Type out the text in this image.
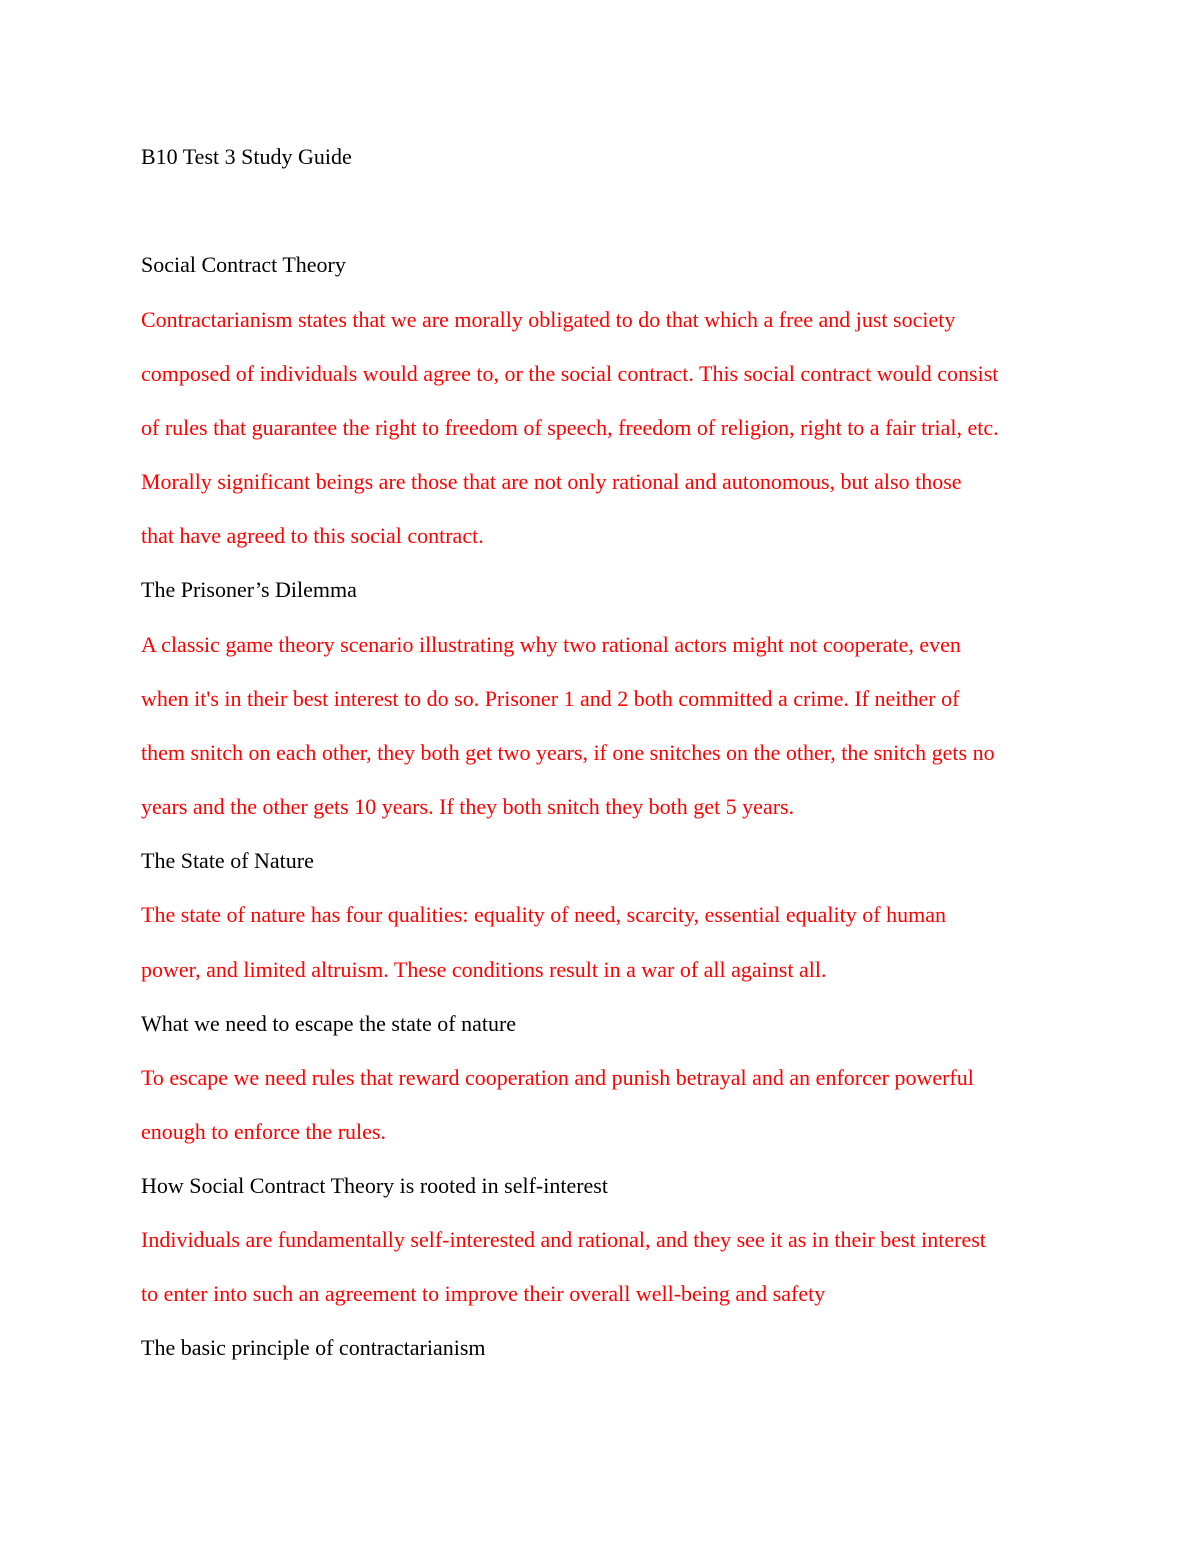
B10 Test 3 Study Guide
Social Contract Theory
Contractarianism states that we are morally obligated to do that which a free and just society
composed of individuals would agree to, or the social contract. This social contract would consist
of rules that guarantee the right to freedom of speech, freedom of religion, right to a fair trial, etc.
Morally significant beings are those that are not only rational and autonomous, but also those
that have agreed to this social contract.
The Prisoner’s Dilemma
A classic game theory scenario illustrating why two rational actors might not cooperate, even
when it's in their best interest to do so. Prisoner 1 and 2 both committed a crime. If neither of
them snitch on each other, they both get two years, if one snitches on the other, the snitch gets no
years and the other gets 10 years. If they both snitch they both get 5 years.
The State of Nature
The state of nature has four qualities: equality of need, scarcity, essential equality of human
power, and limited altruism. These conditions result in a war of all against all.
What we need to escape the state of nature
To escape we need rules that reward cooperation and punish betrayal and an enforcer powerful
enough to enforce the rules.
How Social Contract Theory is rooted in self-interest
Individuals are fundamentally self-interested and rational, and they see it as in their best interest
to enter into such an agreement to improve their overall well-being and safety
The basic principle of contractarianism
